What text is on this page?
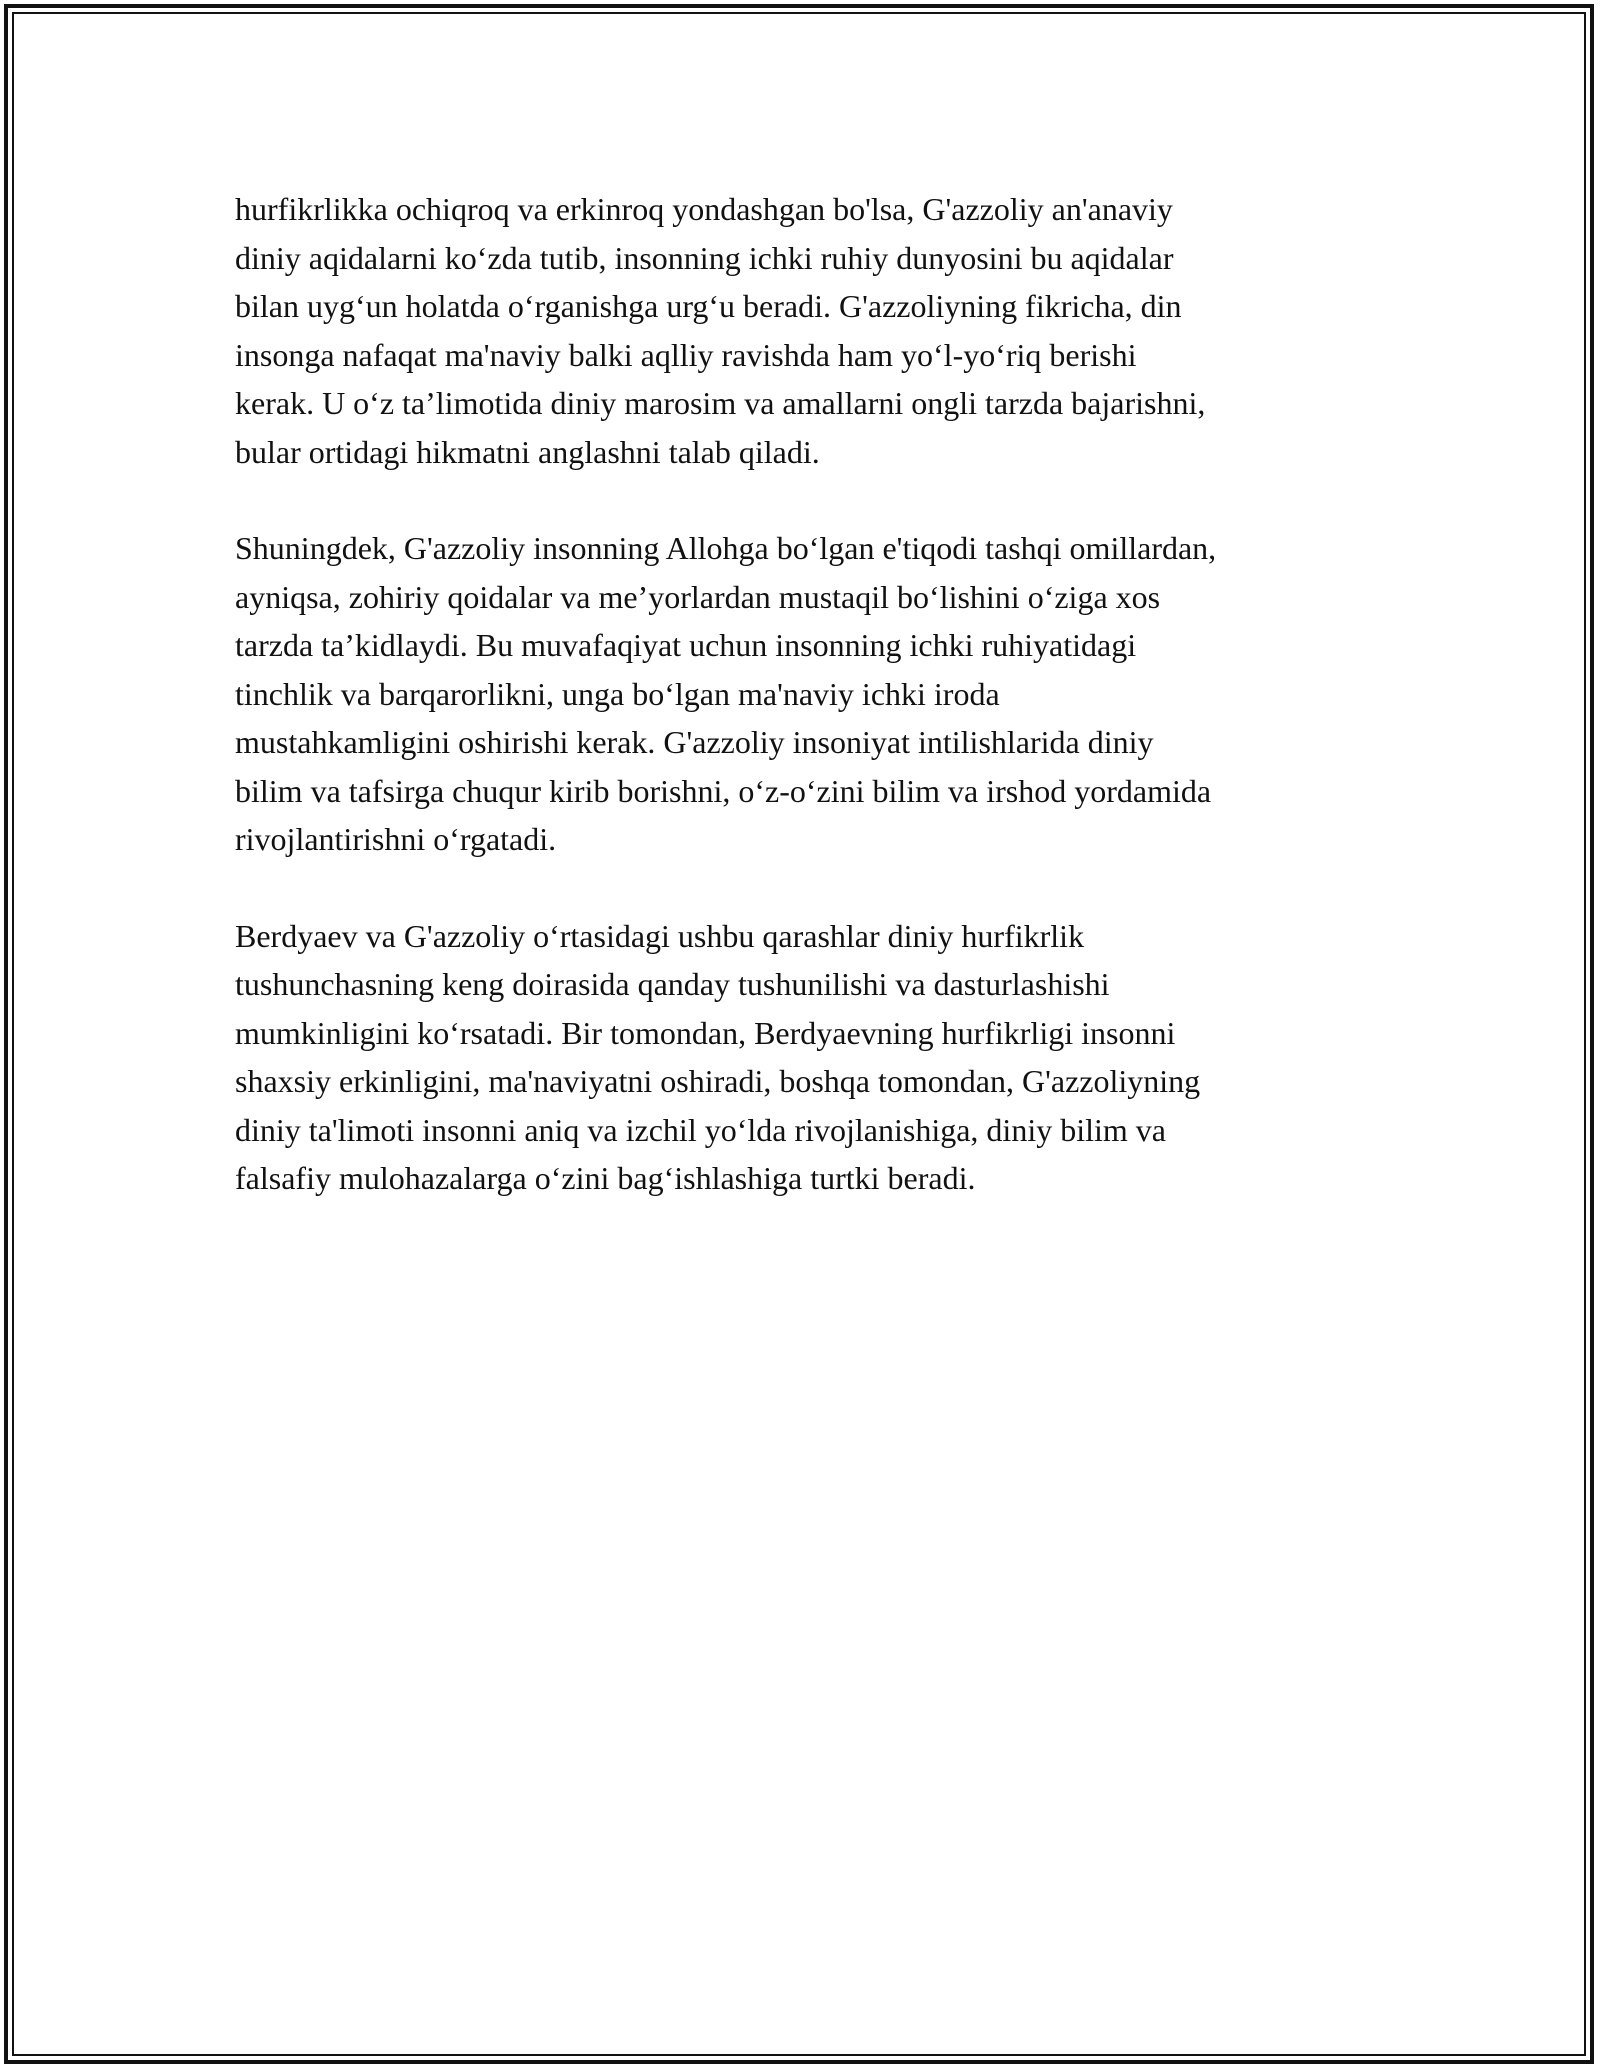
hurfikrlikka ochiqroq va erkinroq yondashgan bo'lsa, G'azzoliy an'anaviy
diniy aqidalarni ko‘zda tutib, insonning ichki ruhiy dunyosini bu aqidalar
bilan uyg‘un holatda o‘rganishga urg‘u beradi. G'azzoliyning fikricha, din
insonga nafaqat ma'naviy balki aqlliy ravishda ham yo‘l-yo‘riq berishi
kerak. U o‘z ta’limotida diniy marosim va amallarni ongli tarzda bajarishni,
bular ortidagi hikmatni anglashni talab qiladi.

Shuningdek, G'azzoliy insonning Allohga bo‘lgan e'tiqodi tashqi omillardan,
ayniqsa, zohiriy qoidalar va me’yorlardan mustaqil bo‘lishini o‘ziga xos
tarzda ta’kidlaydi. Bu muvafaqiyat uchun insonning ichki ruhiyatidagi
tinchlik va barqarorlikni, unga bo‘lgan ma'naviy ichki iroda
mustahkamligini oshirishi kerak. G'azzoliy insoniyat intilishlarida diniy
bilim va tafsirga chuqur kirib borishni, o‘z-o‘zini bilim va irshod yordamida
rivojlantirishni o‘rgatadi.

Berdyaev va G'azzoliy o‘rtasidagi ushbu qarashlar diniy hurfikrlik
tushunchasning keng doirasida qanday tushunilishi va dasturlashishi
mumkinligini ko‘rsatadi. Bir tomondan, Berdyaevning hurfikrligi insonni
shaxsiy erkinligini, ma'naviyatni oshiradi, boshqa tomondan, G'azzoliyning
diniy ta'limoti insonni aniq va izchil yo‘lda rivojlanishiga, diniy bilim va
falsafiy mulohazalarga o‘zini bag‘ishlashiga turtki beradi.
